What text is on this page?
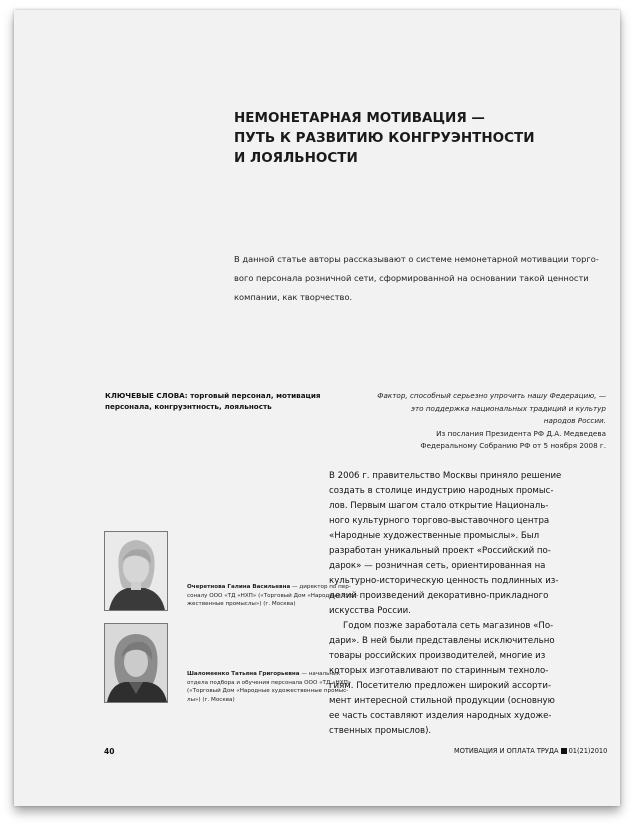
НЕМОНЕТАРНАЯ МОТИВАЦИЯ —
ПУТЬ К РАЗВИТИЮ КОНГРУЭНТНОСТИ
И ЛОЯЛЬНОСТИ
В данной статье авторы рассказывают о системе немонетарной мотивации торго-
вого персонала розничной сети, сформированной на основании такой ценности
компании, как творчество.
КЛЮЧЕВЫЕ СЛОВА: торговый персонал, мотивация персонала, конгруэнтность, лояльность
Фактор, способный серьезно упрочить нашу Федерацию, —
это поддержка национальных традиций и культур
народов России.
Из послания Президента РФ Д.А. Медведева
Федеральному Собранию РФ от 5 ноября 2008 г.
В 2006 г. правительство Москвы приняло решение
создать в столице индустрию народных промыс-
лов. Первым шагом стало открытие Националь-
ного культурного торгово-выставочного центра
«Народные художественные промыслы». Был
разработан уникальный проект «Российский по-
дарок» — розничная сеть, ориентированная на
культурно-историческую ценность подлинных из-
делий произведений декоративно-прикладного
искусства России.
Годом позже заработала сеть магазинов «По-
дари». В ней были представлены исключительно
товары российских производителей, многие из
которых изготавливают по старинным техноло-
гиям. Посетителю предложен широкий ассорти-
мент интересной стильной продукции (основную
ее часть составляют изделия народных художе-
ственных промыслов).
Очеретнова Галина Васильевна — директор по пер-
соналу ООО «ТД «НХП» («Торговый Дом «Народные худо-
жественные промыслы») (г. Москва)
Шаломеенко Татьяна Григорьевна — начальник
отдела подбора и обучения персонала ООО «ТД «НХП»
(«Торговый Дом «Народные художественные промыс-
лы») (г. Москва)
40	МОТИВАЦИЯ И ОПЛАТА ТРУДА 01(21)2010
